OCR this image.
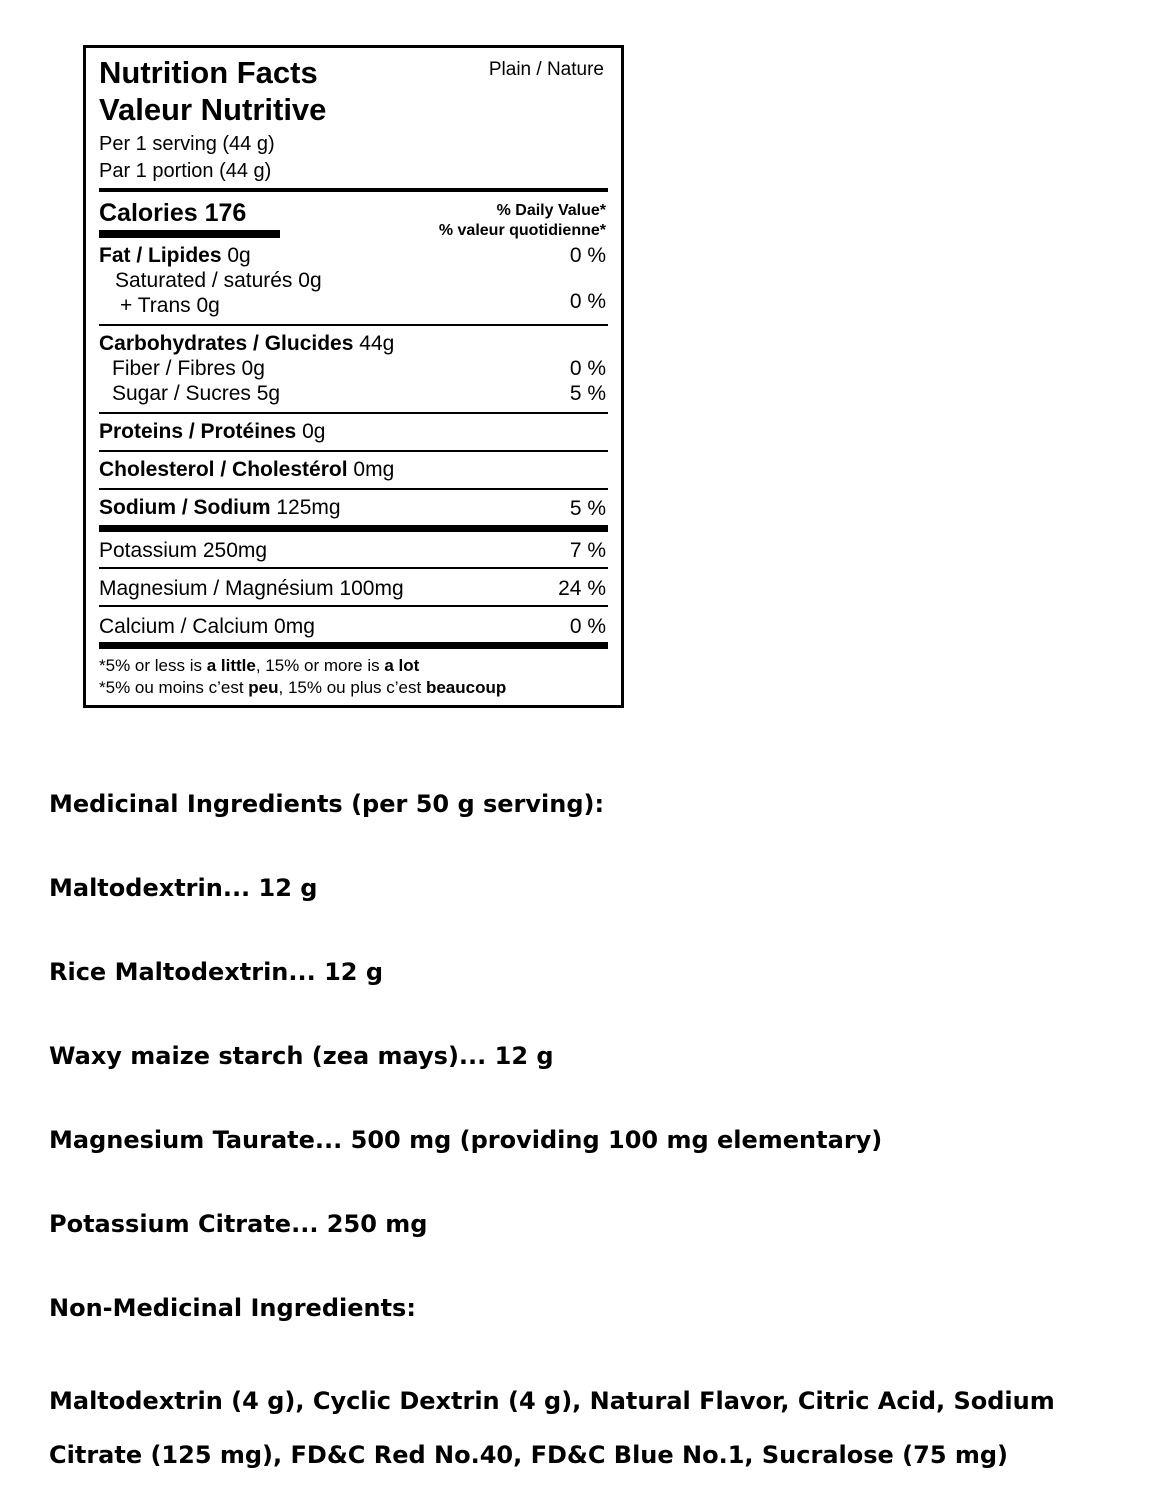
Nutrition Facts
Valeur Nutritive
Plain / Nature
Per 1 serving (44 g)
Par 1 portion (44 g)
Calories 176	% Daily Value*
% valeur quotidienne*
Fat / Lipides 0g	0 %
Saturated / saturés 0g
+ Trans 0g	0 %
Carbohydrates / Glucides 44g
Fiber / Fibres 0g	0 %
Sugar / Sucres 5g	5 %
Proteins / Protéines 0g
Cholesterol / Cholestérol 0mg
Sodium / Sodium 125mg	5 %
Potassium 250mg	7 %
Magnesium / Magnésium 100mg	24 %
Calcium / Calcium 0mg	0 %
*5% or less is a little, 15% or more is a lot
*5% ou moins c’est peu, 15% ou plus c’est beaucoup
Medicinal Ingredients (per 50 g serving):
Maltodextrin... 12 g
Rice Maltodextrin... 12 g
Waxy maize starch (zea mays)... 12 g
Magnesium Taurate... 500 mg (providing 100 mg elementary)
Potassium Citrate... 250 mg
Non-Medicinal Ingredients:
Maltodextrin (4 g), Cyclic Dextrin (4 g), Natural Flavor, Citric Acid, Sodium Citrate (125 mg), FD&C Red No.40, FD&C Blue No.1, Sucralose (75 mg)
